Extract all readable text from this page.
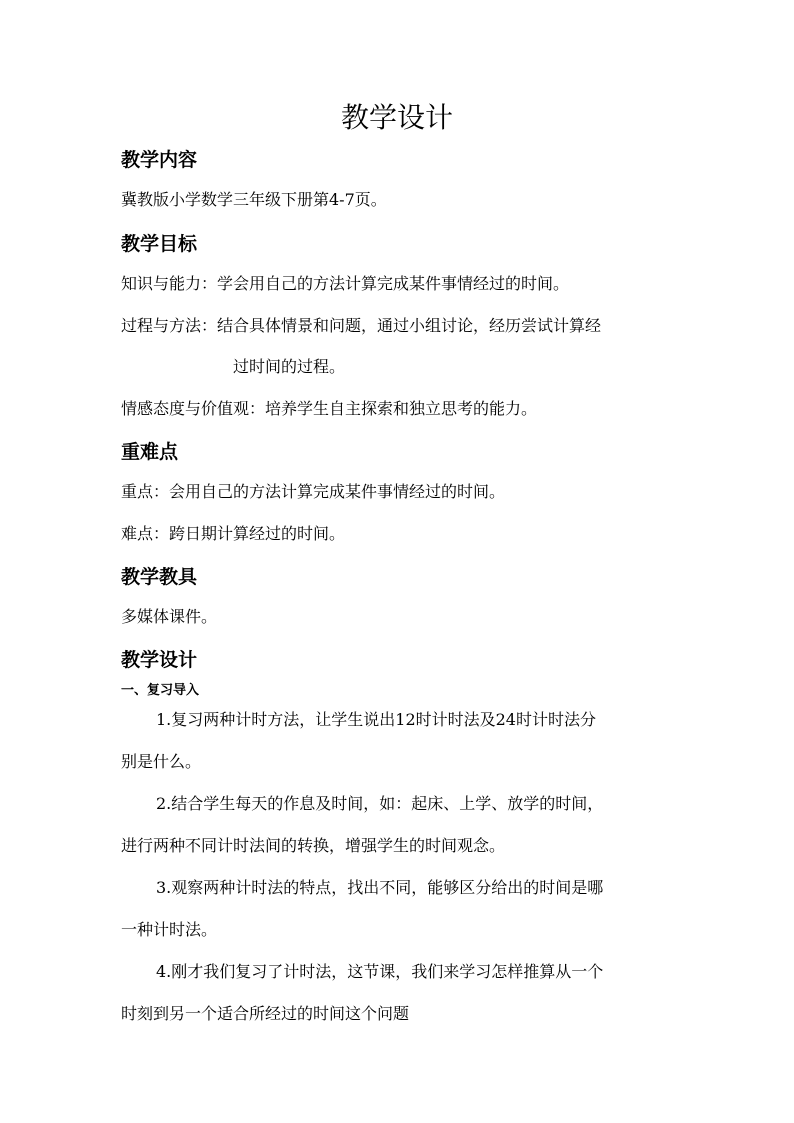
教学设计
教学内容
冀教版小学数学三年级下册第4-7页。
教学目标
知识与能力：学会用自己的方法计算完成某件事情经过的时间。
过程与方法：结合具体情景和问题，通过小组讨论，经历尝试计算经
过时间的过程。
情感态度与价值观：培养学生自主探索和独立思考的能力。
重难点
重点：会用自己的方法计算完成某件事情经过的时间。
难点：跨日期计算经过的时间。
教学教具
多媒体课件。
教学设计
一、复习导入
1.复习两种计时方法，让学生说出12时计时法及24时计时法分
别是什么。
2.结合学生每天的作息及时间，如：起床、上学、放学的时间，
进行两种不同计时法间的转换，增强学生的时间观念。
3.观察两种计时法的特点，找出不同，能够区分给出的时间是哪
一种计时法。
4.刚才我们复习了计时法，这节课，我们来学习怎样推算从一个
时刻到另一个适合所经过的时间这个问题
